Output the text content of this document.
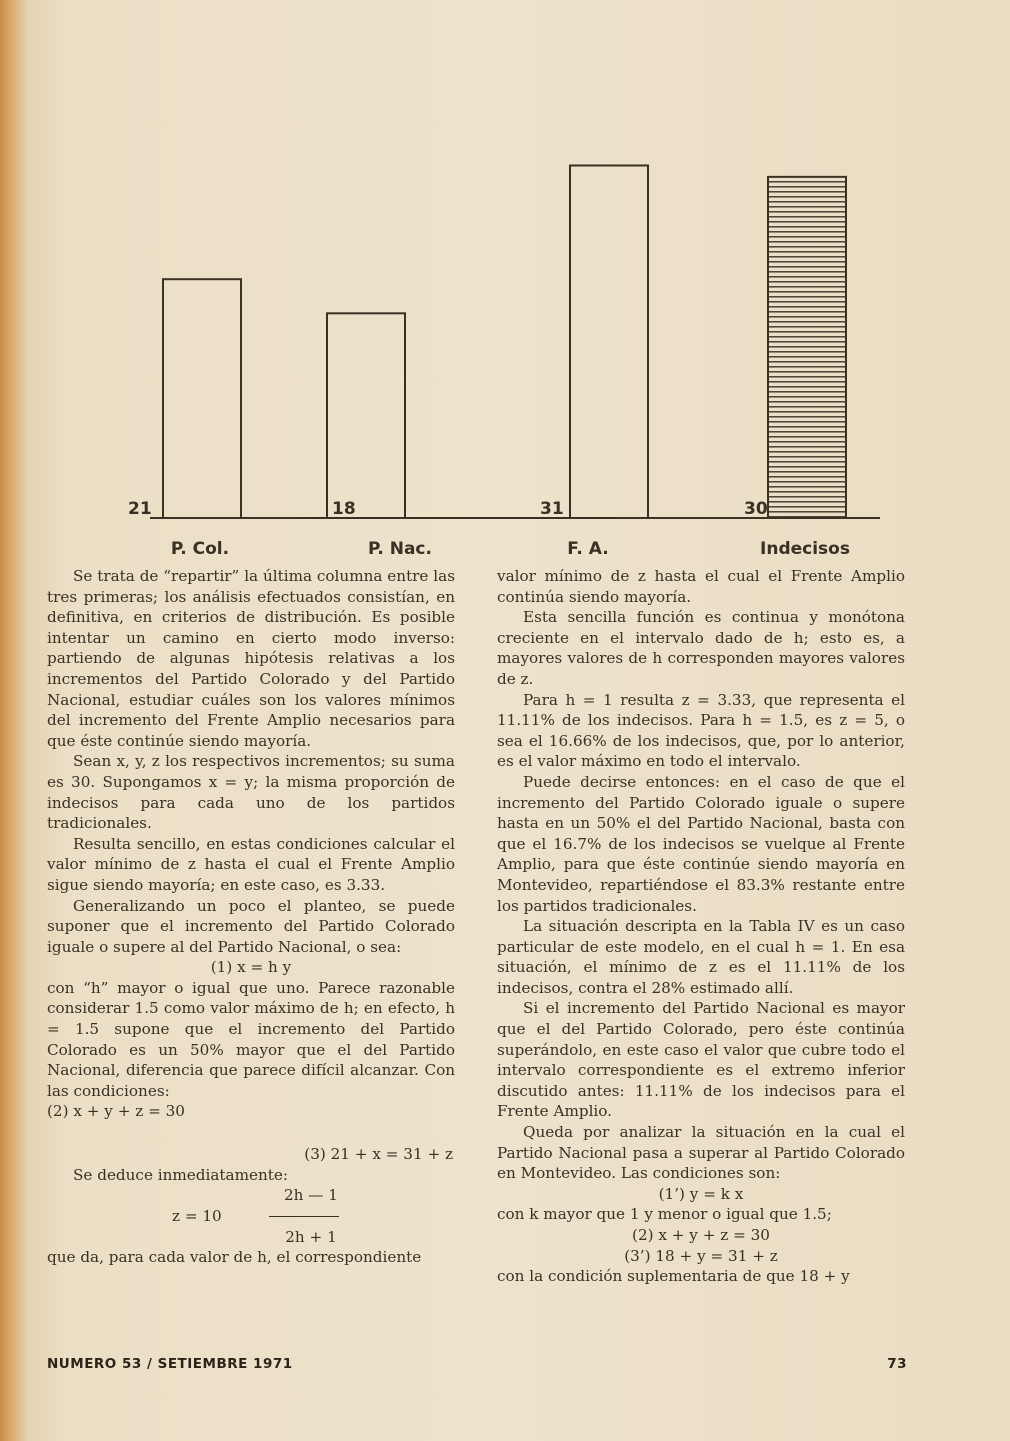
21
P. Col.
18
P. Nac.
31
F. A.
30
Indecisos

Se trata de “repartir” la última columna entre las tres primeras; los análisis efectuados consistían, en definitiva, en criterios de distribución. Es posible intentar un camino en cierto modo inverso: partiendo de algunas hipótesis relativas a los incrementos del Partido Colorado y del Partido Nacional, estudiar cuáles son los valores mínimos del incremento del Frente Amplio necesarios para que éste continúe siendo mayoría.

Sean x, y, z los respectivos incrementos; su suma es 30. Supongamos x = y; la misma proporción de indecisos para cada uno de los partidos tradicionales.

Resulta sencillo, en estas condiciones calcular el valor mínimo de z hasta el cual el Frente Amplio sigue siendo mayoría; en este caso, es 3.33.

Generalizando un poco el planteo, se puede suponer que el incremento del Partido Colorado iguale o supere al del Partido Nacional, o sea:

(1) x = h y

con “h” mayor o igual que uno. Parece razonable considerar 1.5 como valor máximo de h; en efecto, h = 1.5 supone que el incremento del Partido Colorado es un 50% mayor que el del Partido Nacional, diferencia que parece difícil alcanzar. Con las condiciones:

(2) x + y + z = 30
(3) 21 + x = 31 + z

Se deduce inmediatamente:

2h — 1
z = 10
2h + 1

que da, para cada valor de h, el correspondiente

valor mínimo de z hasta el cual el Frente Amplio continúa siendo mayoría.

Esta sencilla función es continua y monótona creciente en el intervalo dado de h; esto es, a mayores valores de h corresponden mayores valores de z.

Para h = 1 resulta z = 3.33, que representa el 11.11% de los indecisos. Para h = 1.5, es z = 5, o sea el 16.66% de los indecisos, que, por lo anterior, es el valor máximo en todo el intervalo.

Puede decirse entonces: en el caso de que el incremento del Partido Colorado iguale o supere hasta en un 50% el del Partido Nacional, basta con que el 16.7% de los indecisos se vuelque al Frente Amplio, para que éste continúe siendo mayoría en Montevideo, repartiéndose el 83.3% restante entre los partidos tradicionales.

La situación descripta en la Tabla IV es un caso particular de este modelo, en el cual h = 1. En esa situación, el mínimo de z es el 11.11% de los indecisos, contra el 28% estimado allí.

Si el incremento del Partido Nacional es mayor que el del Partido Colorado, pero éste continúa superándolo, en este caso el valor que cubre todo el intervalo correspondiente es el extremo inferior discutido antes: 11.11% de los indecisos para el Frente Amplio.

Queda por analizar la situación en la cual el Partido Nacional pasa a superar al Partido Colorado en Montevideo. Las condiciones son:

(1’) y = k x

con k mayor que 1 y menor o igual que 1.5;

(2) x + y + z = 30
(3’) 18 + y = 31 + z

con la condición suplementaria de que 18 + y

NUMERO 53 / SETIEMBRE 1971	73
